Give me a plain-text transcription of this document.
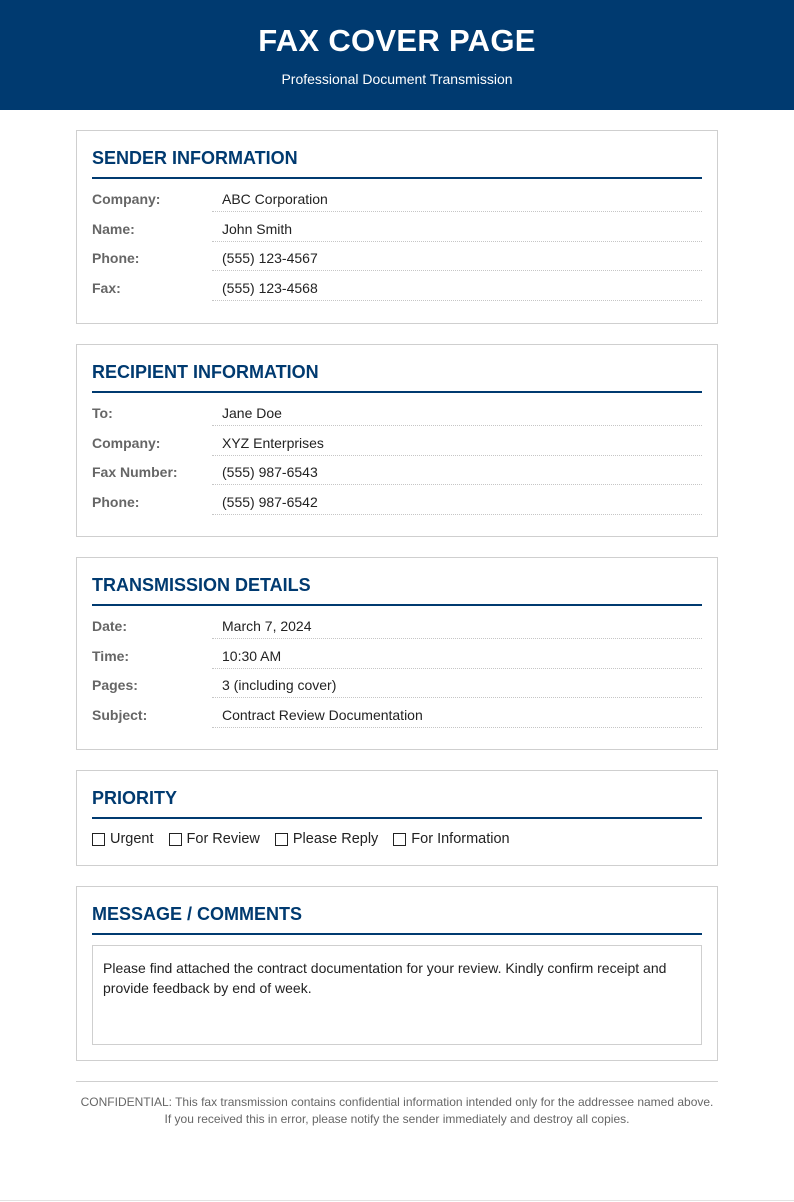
FAX COVER PAGE
Professional Document Transmission
SENDER INFORMATION
Company:	ABC Corporation
Name:	John Smith
Phone:	(555) 123-4567
Fax:	(555) 123-4568
RECIPIENT INFORMATION
To:	Jane Doe
Company:	XYZ Enterprises
Fax Number:	(555) 987-6543
Phone:	(555) 987-6542
TRANSMISSION DETAILS
Date:	March 7, 2024
Time:	10:30 AM
Pages:	3 (including cover)
Subject:	Contract Review Documentation
PRIORITY
Urgent For Review Please Reply For Information
MESSAGE / COMMENTS
Please find attached the contract documentation for your review. Kindly confirm receipt and provide feedback by end of week.
CONFIDENTIAL: This fax transmission contains confidential information intended only for the addressee named above.
If you received this in error, please notify the sender immediately and destroy all copies.
